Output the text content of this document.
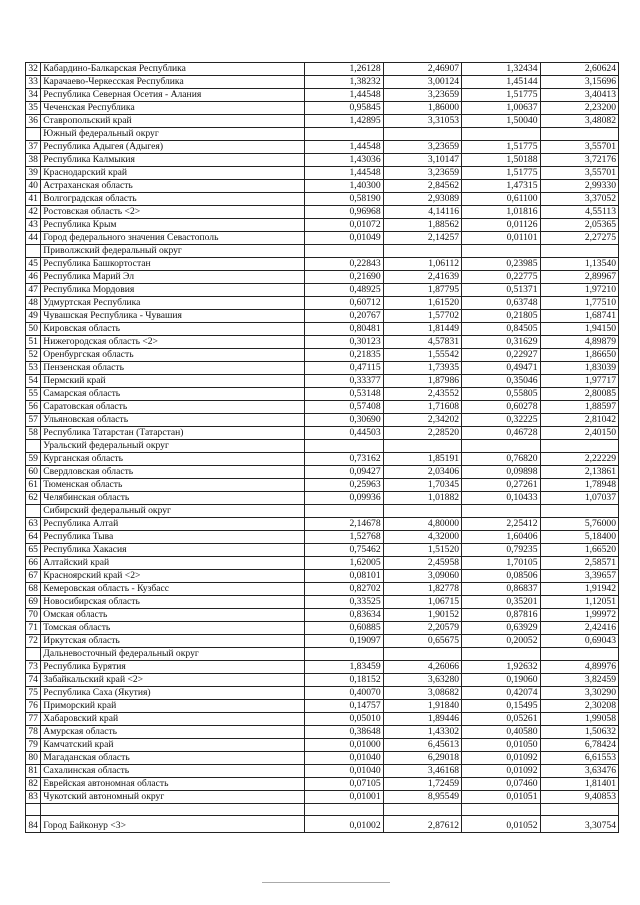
32	Кабардино-Балкарская Республика	1,26128	2,46907	1,32434	2,60624
33	Карачаево-Черкесская Республика	1,38232	3,00124	1,45144	3,15696
34	Республика Северная Осетия - Алания	1,44548	3,23659	1,51775	3,40413
35	Чеченская Республика	0,95845	1,86000	1,00637	2,23200
36	Ставропольский край	1,42895	3,31053	1,50040	3,48082
	Южный федеральный округ				
37	Республика Адыгея (Адыгея)	1,44548	3,23659	1,51775	3,55701
38	Республика Калмыкия	1,43036	3,10147	1,50188	3,72176
39	Краснодарский край	1,44548	3,23659	1,51775	3,55701
40	Астраханская область	1,40300	2,84562	1,47315	2,99330
41	Волгоградская область	0,58190	2,93089	0,61100	3,37052
42	Ростовская область <2>	0,96968	4,14116	1,01816	4,55113
43	Республика Крым	0,01072	1,88562	0,01126	2,05365
44	Город федерального значения Севастополь	0,01049	2,14257	0,01101	2,27275
	Приволжский федеральный округ				
45	Республика Башкортостан	0,22843	1,06112	0,23985	1,13540
46	Республика Марий Эл	0,21690	2,41639	0,22775	2,89967
47	Республика Мордовия	0,48925	1,87795	0,51371	1,97210
48	Удмуртская Республика	0,60712	1,61520	0,63748	1,77510
49	Чувашская Республика - Чувашия	0,20767	1,57702	0,21805	1,68741
50	Кировская область	0,80481	1,81449	0,84505	1,94150
51	Нижегородская область <2>	0,30123	4,57831	0,31629	4,89879
52	Оренбургская область	0,21835	1,55542	0,22927	1,86650
53	Пензенская область	0,47115	1,73935	0,49471	1,83039
54	Пермский край	0,33377	1,87986	0,35046	1,97717
55	Самарская область	0,53148	2,43552	0,55805	2,80085
56	Саратовская область	0,57408	1,71608	0,60278	1,88597
57	Ульяновская область	0,30690	2,34202	0,32225	2,81042
58	Республика Татарстан (Татарстан)	0,44503	2,28520	0,46728	2,40150
	Уральский федеральный округ				
59	Курганская область	0,73162	1,85191	0,76820	2,22229
60	Свердловская область	0,09427	2,03406	0,09898	2,13861
61	Тюменская область	0,25963	1,70345	0,27261	1,78948
62	Челябинская область	0,09936	1,01882	0,10433	1,07037
	Сибирский федеральный округ				
63	Республика Алтай	2,14678	4,80000	2,25412	5,76000
64	Республика Тыва	1,52768	4,32000	1,60406	5,18400
65	Республика Хакасия	0,75462	1,51520	0,79235	1,66520
66	Алтайский край	1,62005	2,45958	1,70105	2,58571
67	Красноярский край <2>	0,08101	3,09060	0,08506	3,39657
68	Кемеровская область - Кузбасс	0,82702	1,82778	0,86837	1,91942
69	Новосибирская область	0,33525	1,06715	0,35201	1,12051
70	Омская область	0,83634	1,90152	0,87816	1,99972
71	Томская область	0,60885	2,20579	0,63929	2,42416
72	Иркутская область	0,19097	0,65675	0,20052	0,69043
	Дальневосточный федеральный округ				
73	Республика Бурятия	1,83459	4,26066	1,92632	4,89976
74	Забайкальский край <2>	0,18152	3,63280	0,19060	3,82459
75	Республика Саха (Якутия)	0,40070	3,08682	0,42074	3,30290
76	Приморский край	0,14757	1,91840	0,15495	2,30208
77	Хабаровский край	0,05010	1,89446	0,05261	1,99058
78	Амурская область	0,38648	1,43302	0,40580	1,50632
79	Камчатский край	0,01000	6,45613	0,01050	6,78424
80	Магаданская область	0,01040	6,29018	0,01092	6,61553
81	Сахалинская область	0,01040	3,46168	0,01092	3,63476
82	Еврейская автономная область	0,07105	1,72459	0,07460	1,81401
83	Чукотский автономный округ	0,01001	8,95549	0,01051	9,40853

84	Город Байконур <3>	0,01002	2,87612	0,01052	3,30754
